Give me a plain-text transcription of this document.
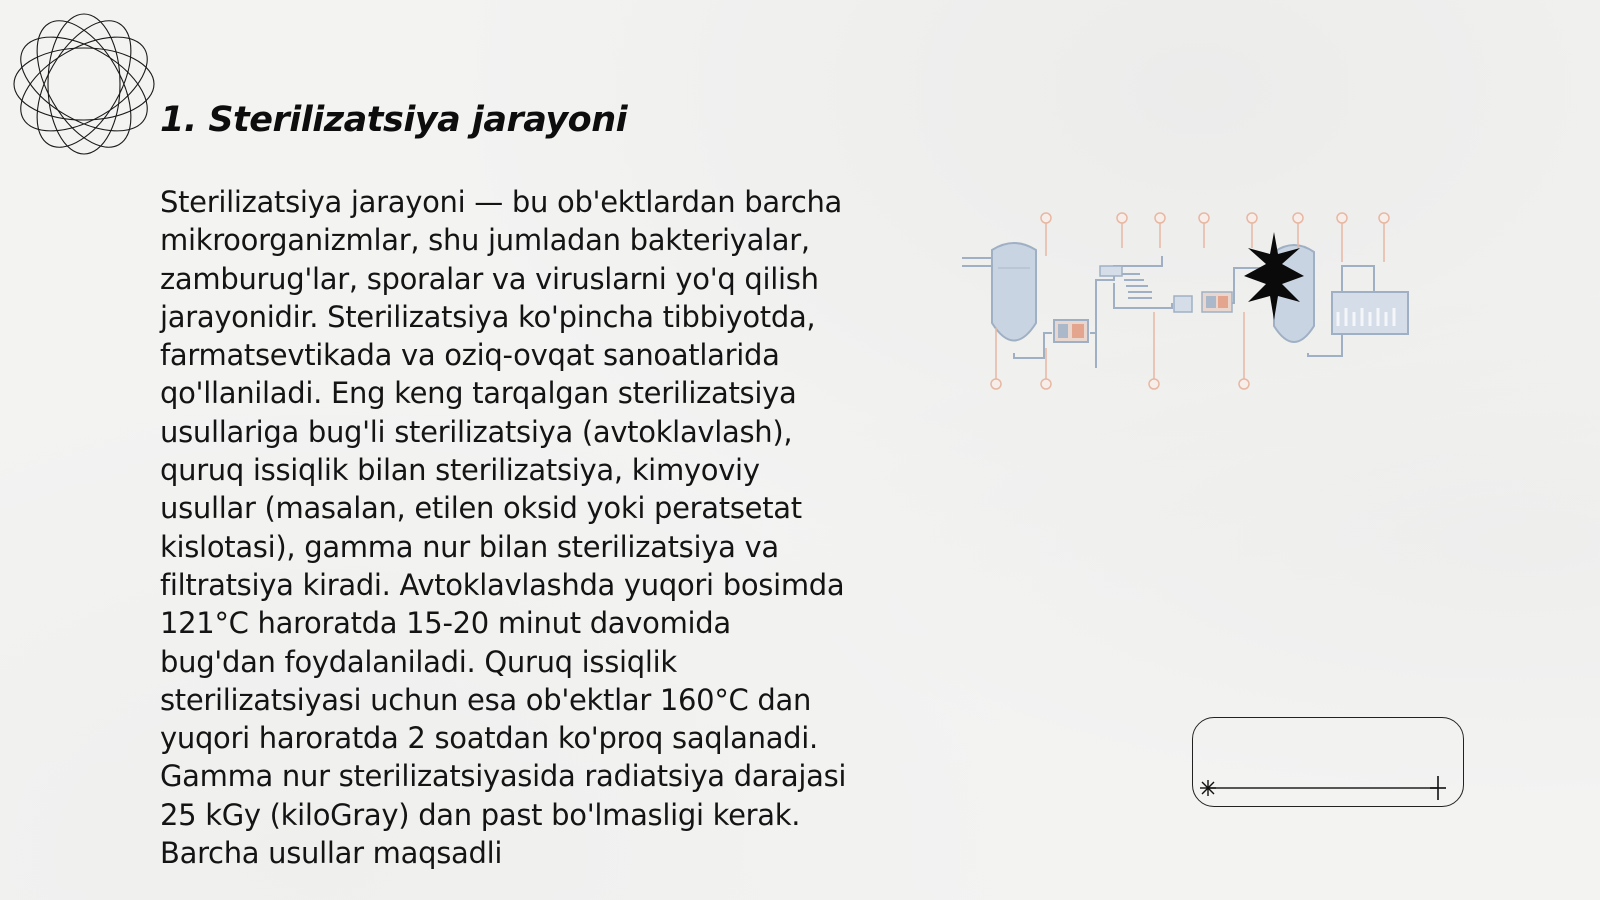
1. Sterilizatsiya jarayoni

Sterilizatsiya jarayoni — bu ob'ektlardan barcha mikroorganizmlar, shu jumladan bakteriyalar, zamburug'lar, sporalar va viruslarni yo'q qilish jarayonidir. Sterilizatsiya ko'pincha tibbiyotda, farmatsevtikada va oziq-ovqat sanoatlarida qo'llaniladi. Eng keng tarqalgan sterilizatsiya usullariga bug'li sterilizatsiya (avtoklavlash), quruq issiqlik bilan sterilizatsiya, kimyoviy usullar (masalan, etilen oksid yoki peratsetat kislotasi), gamma nur bilan sterilizatsiya va filtratsiya kiradi. Avtoklavlashda yuqori bosimda 121°C haroratda 15-20 minut davomida bug'dan foydalaniladi. Quruq issiqlik sterilizatsiyasi uchun esa ob'ektlar 160°C dan yuqori haroratda 2 soatdan ko'proq saqlanadi. Gamma nur sterilizatsiyasida radiatsiya darajasi 25 kGy (kiloGray) dan past bo'lmasligi kerak. Barcha usullar maqsadli
